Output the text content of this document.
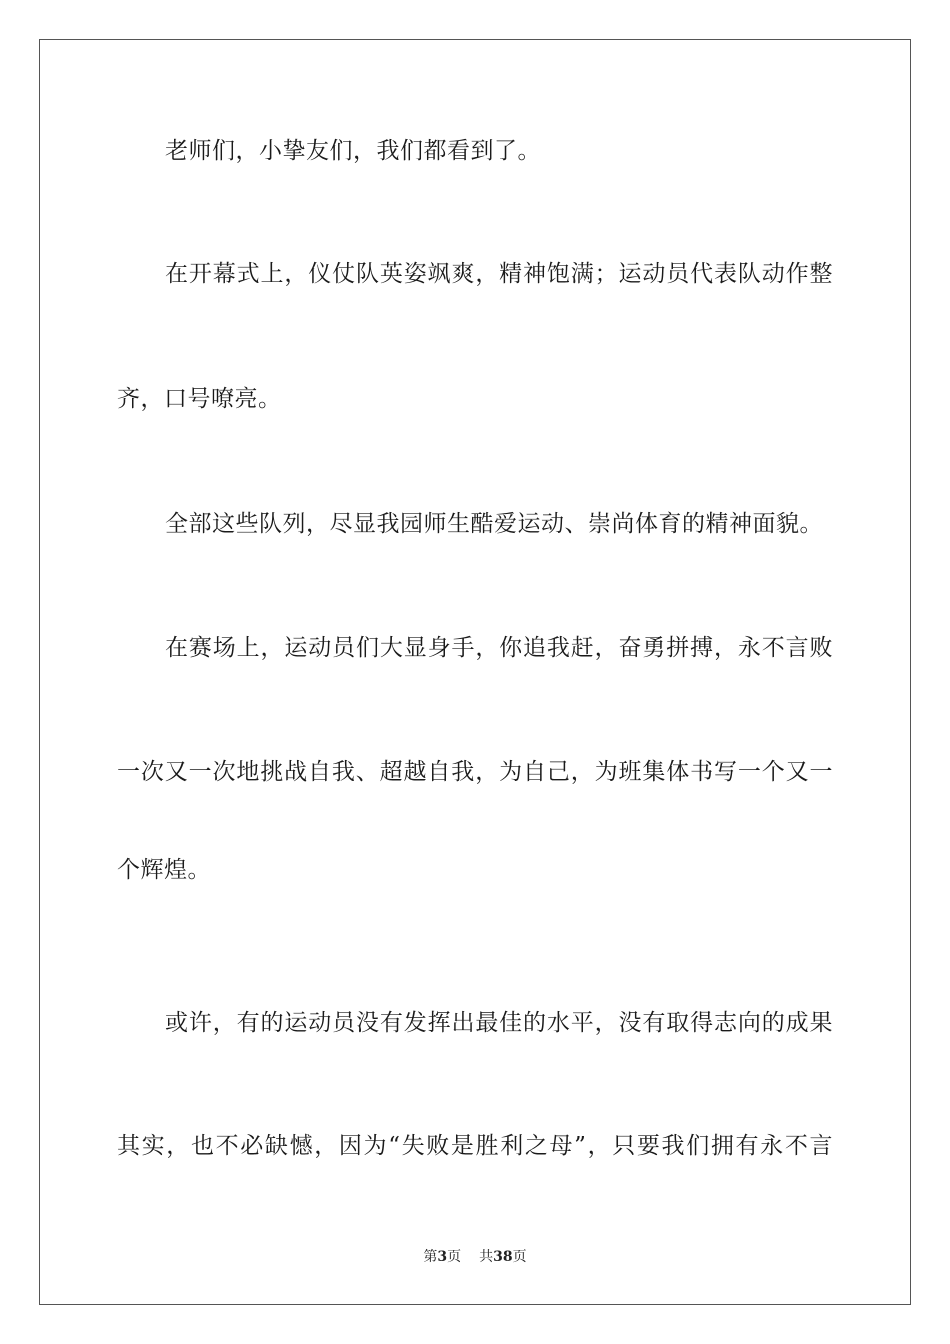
老师们，小挚友们，我们都看到了。
在开幕式上，仪仗队英姿飒爽，精神饱满；运动员代表队动作整
齐，口号嘹亮。
全部这些队列，尽显我园师生酷爱运动、崇尚体育的精神面貌。
在赛场上，运动员们大显身手，你追我赶，奋勇拼搏，永不言败
一次又一次地挑战自我、超越自我，为自己，为班集体书写一个又一
个辉煌。
或许，有的运动员没有发挥出最佳的水平，没有取得志向的成果
其实，也不必缺憾，因为“失败是胜利之母”，只要我们拥有永不言
第3页 共38页
